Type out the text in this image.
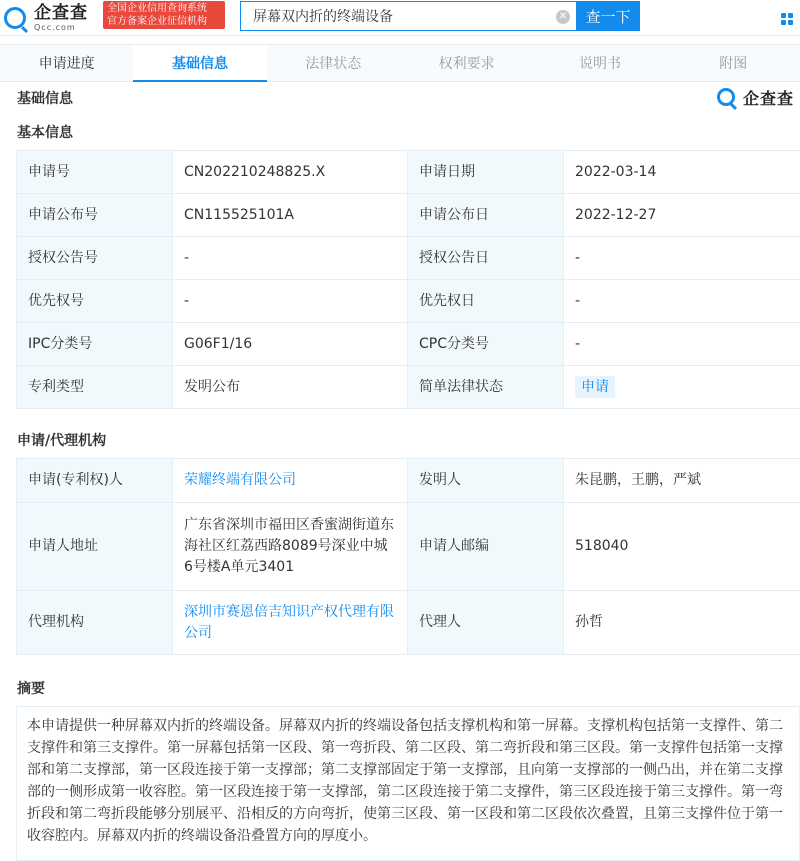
企查查
Qcc.com
全国企业信用查询系统
官方备案企业征信机构	屏幕双内折的终端设备	✕	查一下
申请进度	基础信息	法律状态	权利要求	说明书	附图
基础信息	企查查
基本信息
申请号	CN202210248825.X	申请日期	2022-03-14
申请公布号	CN115525101A	申请公布日	2022-12-27
授权公告号	-	授权公告日	-
优先权号	-	优先权日	-
IPC分类号	G06F1/16	CPC分类号	-
专利类型	发明公布	简单法律状态	申请
申请/代理机构
申请(专利权)人	荣耀终端有限公司	发明人	朱昆鹏，王鹏，严斌
申请人地址	广东省深圳市福田区香蜜湖街道东海社区红荔西路8089号深业中城6号楼A单元3401	申请人邮编	518040
代理机构	深圳市赛恩倍吉知识产权代理有限公司	代理人	孙哲
摘要
本申请提供一种屏幕双内折的终端设备。屏幕双内折的终端设备包括支撑机构和第一屏幕。支撑机构包括第一支撑件、第二支撑件和第三支撑件。第一屏幕包括第一区段、第一弯折段、第二区段、第二弯折段和第三区段。第一支撑件包括第一支撑部和第二支撑部，第一区段连接于第一支撑部；第二支撑部固定于第一支撑部，且向第一支撑部的一侧凸出，并在第二支撑部的一侧形成第一收容腔。第一区段连接于第一支撑部，第二区段连接于第二支撑件，第三区段连接于第三支撑件。第一弯折段和第二弯折段能够分别展平、沿相反的方向弯折，使第三区段、第一区段和第二区段依次叠置，且第三支撑件位于第一收容腔内。屏幕双内折的终端设备沿叠置方向的厚度小。
